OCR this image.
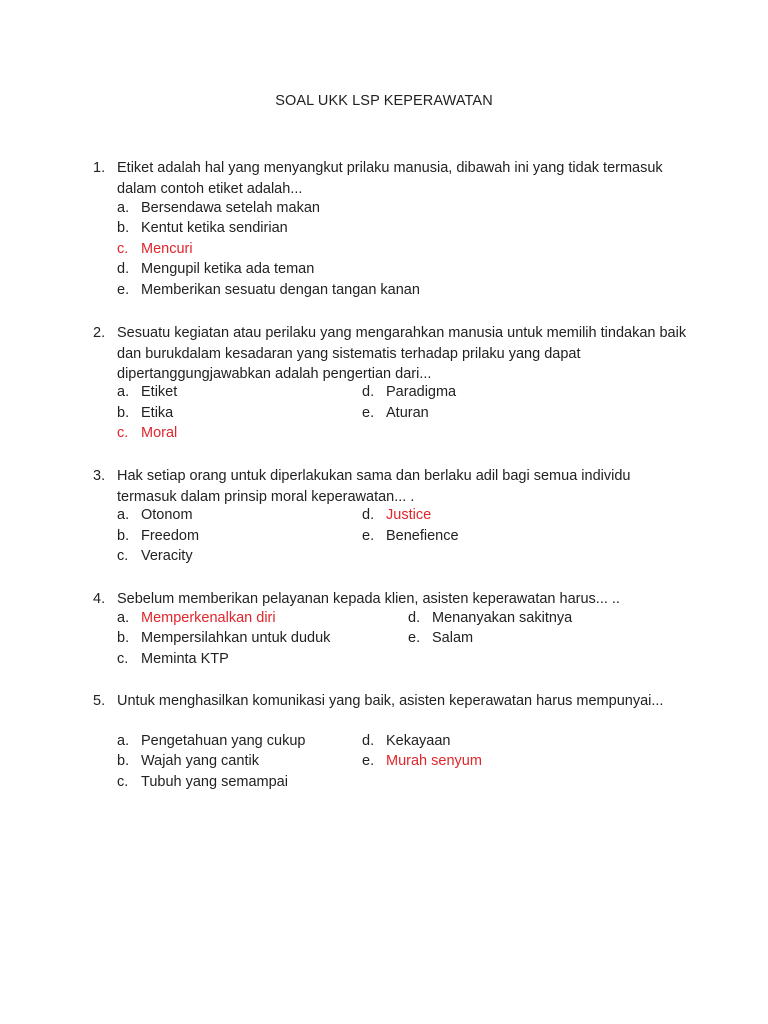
SOAL UKK LSP KEPERAWATAN
1. Etiket adalah hal yang menyangkut prilaku manusia, dibawah ini yang tidak termasuk dalam contoh etiket adalah...
a. Bersendawa setelah makan
b. Kentut ketika sendirian
c. Mencuri
d. Mengupil ketika ada teman
e. Memberikan sesuatu dengan tangan kanan
2. Sesuatu kegiatan atau perilaku yang mengarahkan manusia untuk memilih tindakan baik dan burukdalam kesadaran yang sistematis terhadap prilaku yang dapat dipertanggungjawabkan adalah pengertian dari...
a. Etiket
b. Etika
c. Moral
d. Paradigma
e. Aturan
3. Hak setiap orang untuk diperlakukan sama dan berlaku adil bagi semua individu termasuk dalam prinsip moral keperawatan... .
a. Otonom
b. Freedom
c. Veracity
d. Justice
e. Benefience
4. Sebelum memberikan pelayanan kepada klien, asisten keperawatan harus... ..
a. Memperkenalkan diri
b. Mempersilahkan untuk duduk
c. Meminta KTP
d. Menanyakan sakitnya
e. Salam
5. Untuk menghasilkan komunikasi yang baik, asisten keperawatan harus mempunyai...
a. Pengetahuan yang cukup
b. Wajah yang cantik
c. Tubuh yang semampai
d. Kekayaan
e. Murah senyum
